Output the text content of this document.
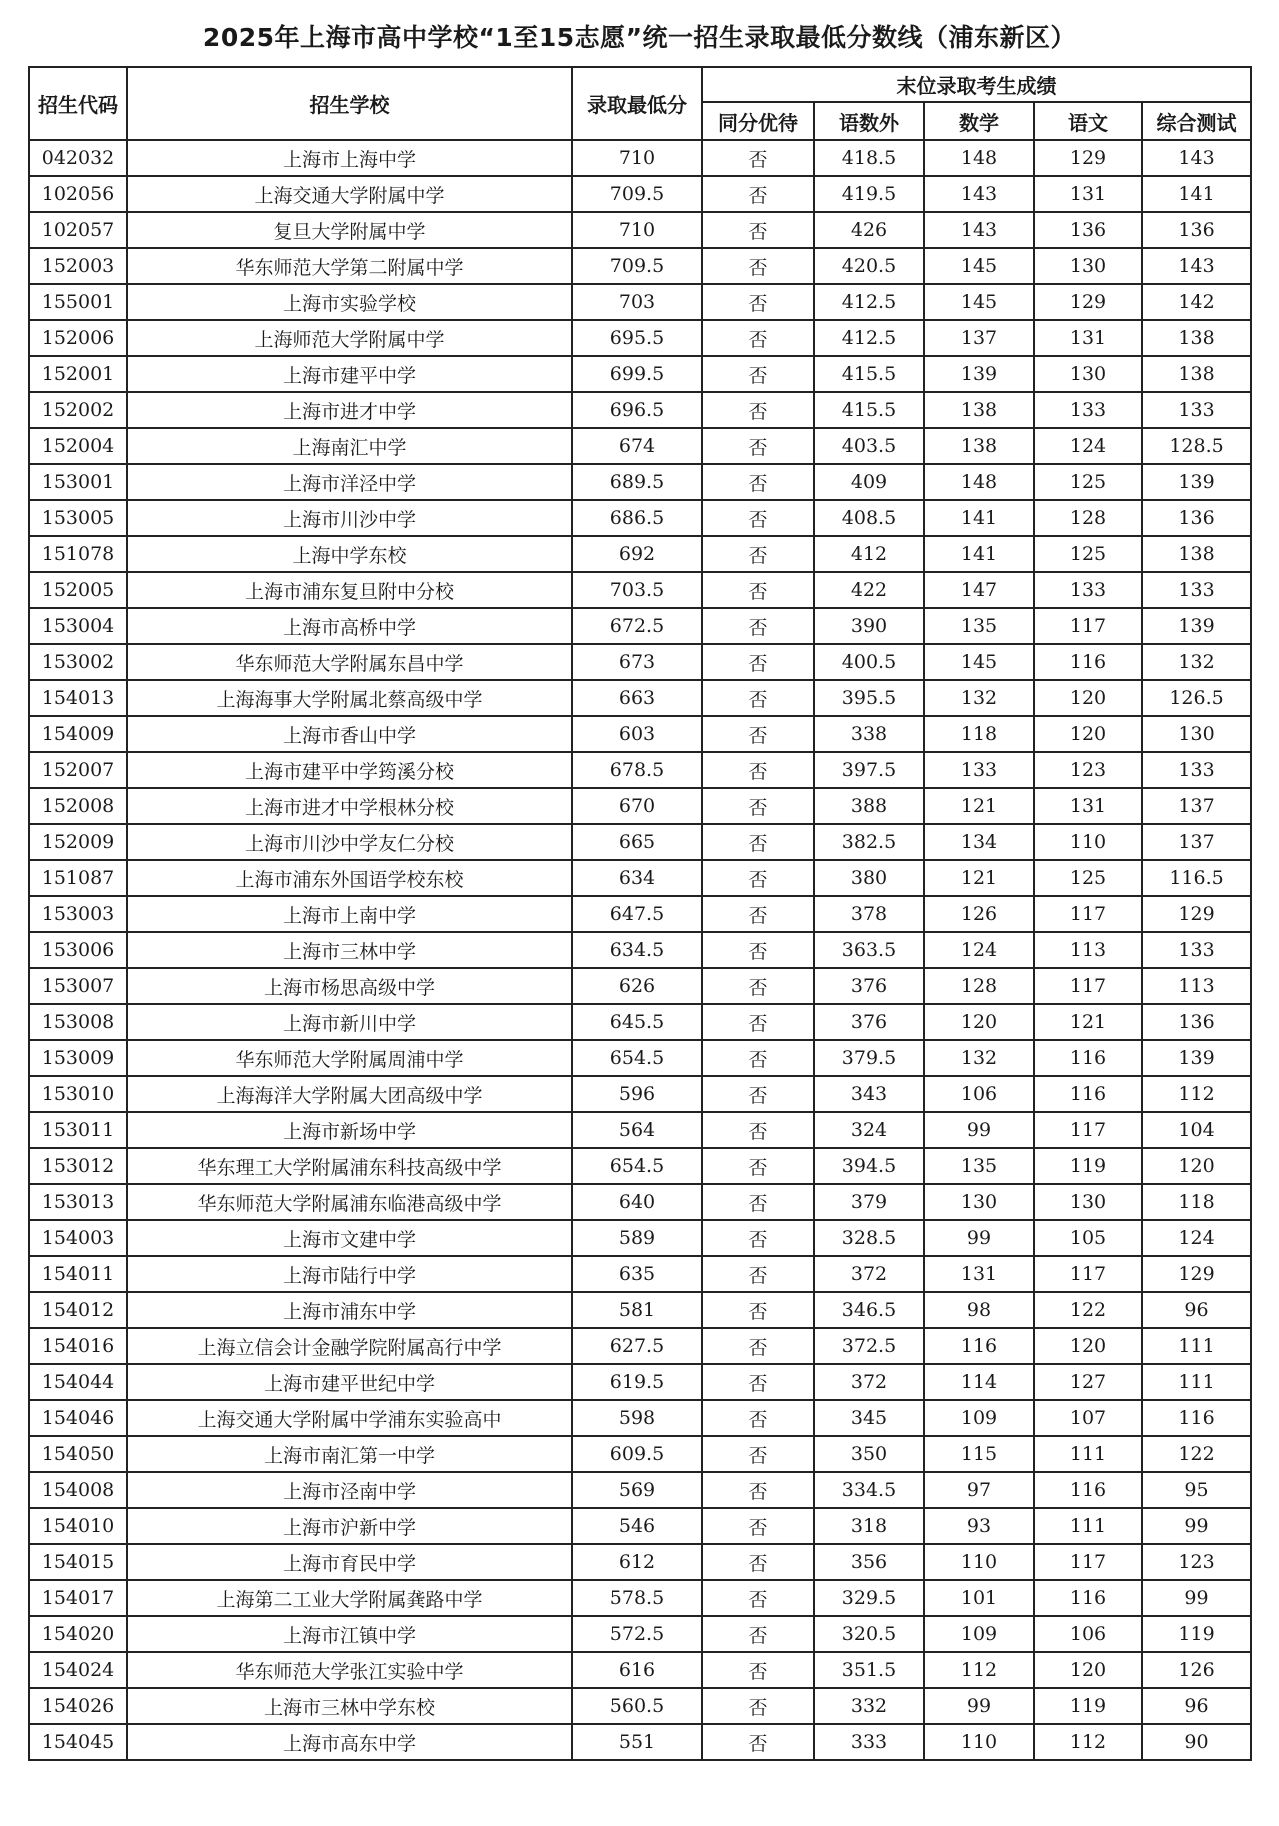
2025年上海市高中学校“1至15志愿”统一招生录取最低分数线（浦东新区）
招生代码	招生学校	录取最低分	末位录取考生成绩				
			同分优待	语数外	数学	语文	综合测试
042032	上海市上海中学	710	否	418.5	148	129	143
102056	上海交通大学附属中学	709.5	否	419.5	143	131	141
102057	复旦大学附属中学	710	否	426	143	136	136
152003	华东师范大学第二附属中学	709.5	否	420.5	145	130	143
155001	上海市实验学校	703	否	412.5	145	129	142
152006	上海师范大学附属中学	695.5	否	412.5	137	131	138
152001	上海市建平中学	699.5	否	415.5	139	130	138
152002	上海市进才中学	696.5	否	415.5	138	133	133
152004	上海南汇中学	674	否	403.5	138	124	128.5
153001	上海市洋泾中学	689.5	否	409	148	125	139
153005	上海市川沙中学	686.5	否	408.5	141	128	136
151078	上海中学东校	692	否	412	141	125	138
152005	上海市浦东复旦附中分校	703.5	否	422	147	133	133
153004	上海市高桥中学	672.5	否	390	135	117	139
153002	华东师范大学附属东昌中学	673	否	400.5	145	116	132
154013	上海海事大学附属北蔡高级中学	663	否	395.5	132	120	126.5
154009	上海市香山中学	603	否	338	118	120	130
152007	上海市建平中学筠溪分校	678.5	否	397.5	133	123	133
152008	上海市进才中学根林分校	670	否	388	121	131	137
152009	上海市川沙中学友仁分校	665	否	382.5	134	110	137
151087	上海市浦东外国语学校东校	634	否	380	121	125	116.5
153003	上海市上南中学	647.5	否	378	126	117	129
153006	上海市三林中学	634.5	否	363.5	124	113	133
153007	上海市杨思高级中学	626	否	376	128	117	113
153008	上海市新川中学	645.5	否	376	120	121	136
153009	华东师范大学附属周浦中学	654.5	否	379.5	132	116	139
153010	上海海洋大学附属大团高级中学	596	否	343	106	116	112
153011	上海市新场中学	564	否	324	99	117	104
153012	华东理工大学附属浦东科技高级中学	654.5	否	394.5	135	119	120
153013	华东师范大学附属浦东临港高级中学	640	否	379	130	130	118
154003	上海市文建中学	589	否	328.5	99	105	124
154011	上海市陆行中学	635	否	372	131	117	129
154012	上海市浦东中学	581	否	346.5	98	122	96
154016	上海立信会计金融学院附属高行中学	627.5	否	372.5	116	120	111
154044	上海市建平世纪中学	619.5	否	372	114	127	111
154046	上海交通大学附属中学浦东实验高中	598	否	345	109	107	116
154050	上海市南汇第一中学	609.5	否	350	115	111	122
154008	上海市泾南中学	569	否	334.5	97	116	95
154010	上海市沪新中学	546	否	318	93	111	99
154015	上海市育民中学	612	否	356	110	117	123
154017	上海第二工业大学附属龚路中学	578.5	否	329.5	101	116	99
154020	上海市江镇中学	572.5	否	320.5	109	106	119
154024	华东师范大学张江实验中学	616	否	351.5	112	120	126
154026	上海市三林中学东校	560.5	否	332	99	119	96
154045	上海市高东中学	551	否	333	110	112	90
